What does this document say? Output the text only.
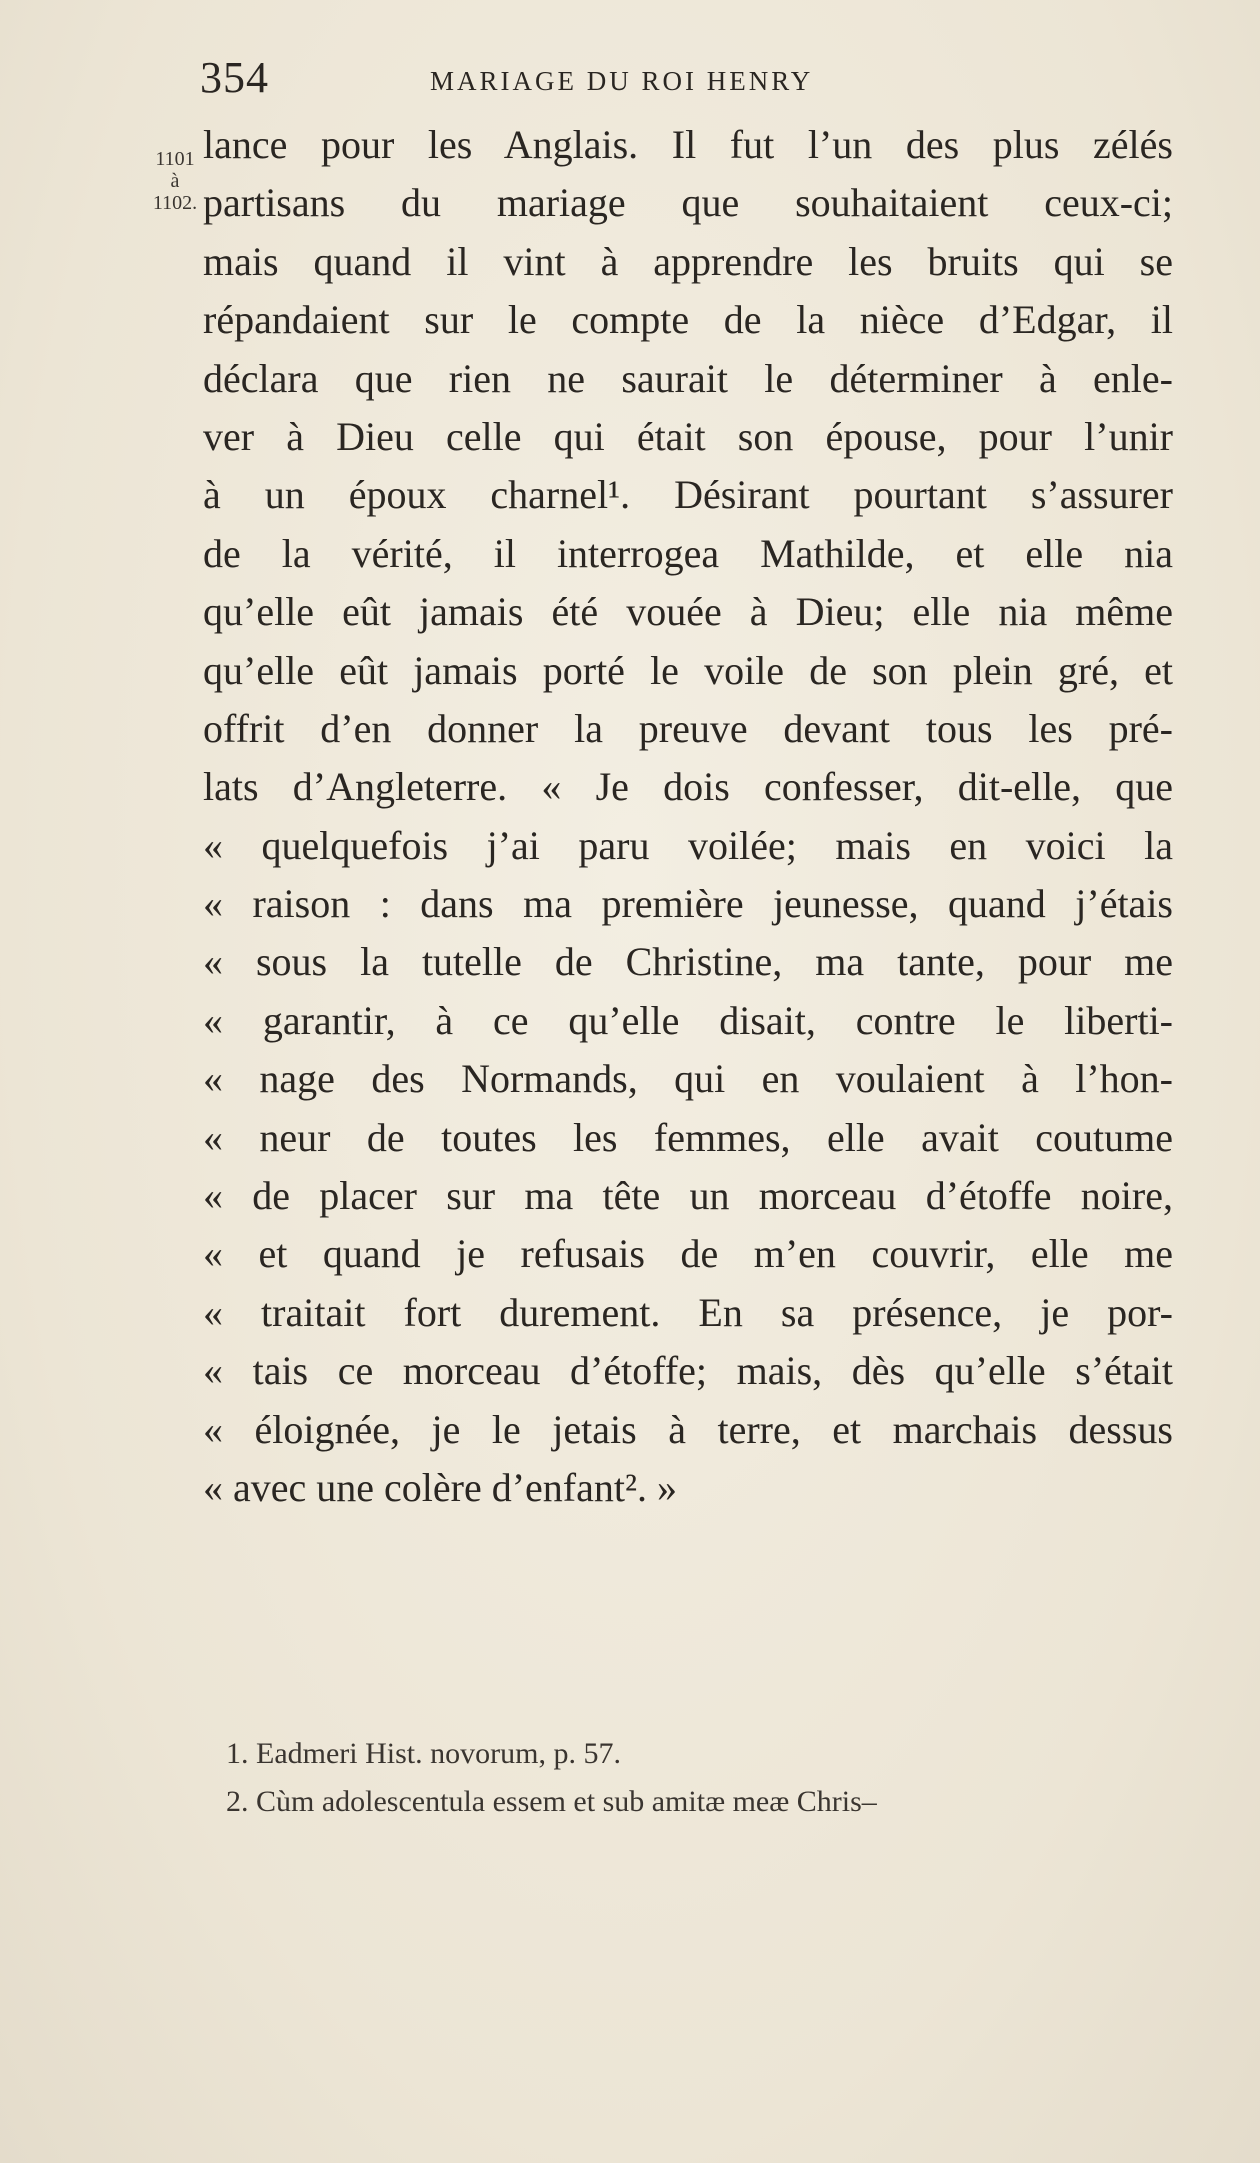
354	MARIAGE DU ROI HENRY
1101
à
1102.
lance pour les Anglais. Il fut l’un des plus zélés
partisans du mariage que souhaitaient ceux-ci;
mais quand il vint à apprendre les bruits qui se
répandaient sur le compte de la nièce d’Edgar, il
déclara que rien ne saurait le déterminer à enle-
ver à Dieu celle qui était son épouse, pour l’unir
à un époux charnel¹. Désirant pourtant s’assurer
de la vérité, il interrogea Mathilde, et elle nia
qu’elle eût jamais été vouée à Dieu; elle nia même
qu’elle eût jamais porté le voile de son plein gré, et
offrit d’en donner la preuve devant tous les pré-
lats d’Angleterre. « Je dois confesser, dit-elle, que
« quelquefois j’ai paru voilée; mais en voici la
« raison : dans ma première jeunesse, quand j’étais
« sous la tutelle de Christine, ma tante, pour me
« garantir, à ce qu’elle disait, contre le liberti-
« nage des Normands, qui en voulaient à l’hon-
« neur de toutes les femmes, elle avait coutume
« de placer sur ma tête un morceau d’étoffe noire,
« et quand je refusais de m’en couvrir, elle me
« traitait fort durement. En sa présence, je por-
« tais ce morceau d’étoffe; mais, dès qu’elle s’était
« éloignée, je le jetais à terre, et marchais dessus
« avec une colère d’enfant². »
1. Eadmeri Hist. novorum, p. 57.
2. Cùm adolescentula essem et sub amitæ meæ Chris–
